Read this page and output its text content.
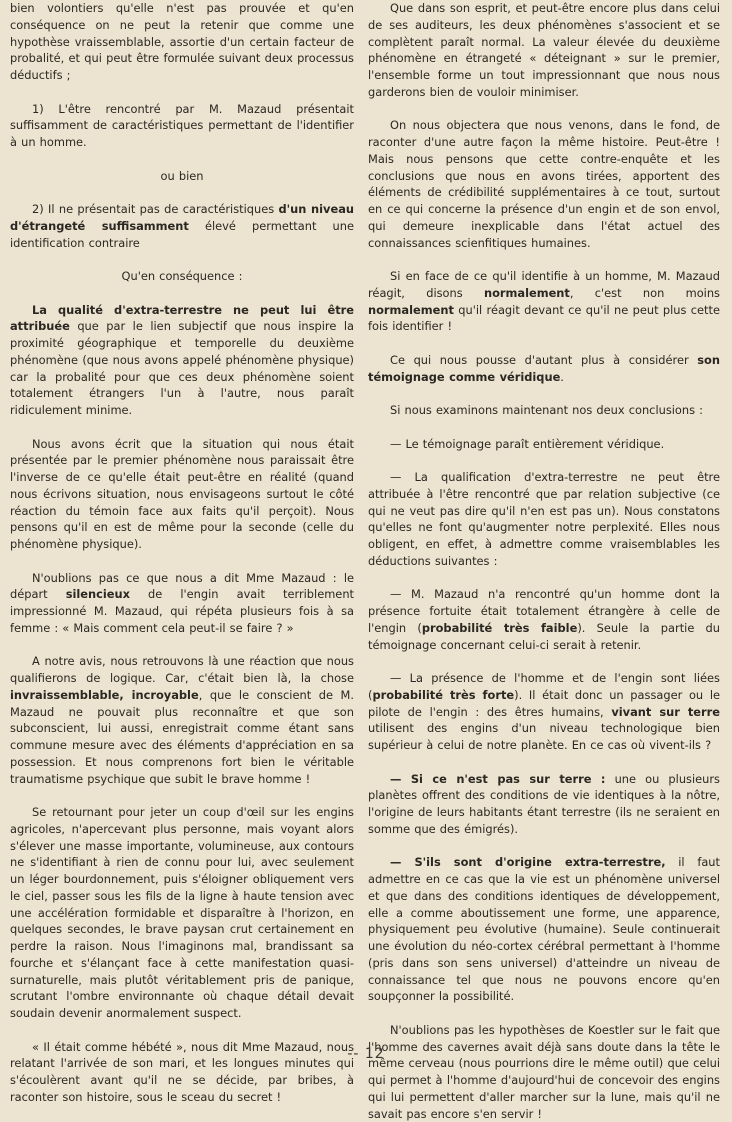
bien volontiers qu'elle n'est pas prouvée et qu'en conséquence on ne peut la retenir que comme une hypothèse vraissemblable, assortie d'un certain facteur de probalité, et qui peut être formulée suivant deux processus déductifs ;

1) L'être rencontré par M. Mazaud présentait suffisamment de caractéristiques permettant de l'identifier à un homme.

ou bien

2) Il ne présentait pas de caractéristiques d'un niveau d'étrangeté suffisamment élevé permettant une identification contraire

Qu'en conséquence :

La qualité d'extra-terrestre ne peut lui être attribuée que par le lien subjectif que nous inspire la proximité géographique et temporelle du deuxième phénomène (que nous avons appelé phénomène physique) car la probalité pour que ces deux phénomène soient totalement étrangers l'un à l'autre, nous paraît ridiculement minime.

Nous avons écrit que la situation qui nous était présentée par le premier phénomène nous paraissait être l'inverse de ce qu'elle était peut-être en réalité (quand nous écrivons situation, nous envisageons surtout le côté réaction du témoin face aux faits qu'il perçoit). Nous pensons qu'il en est de même pour la seconde (celle du phénomène physique).

N'oublions pas ce que nous a dit Mme Mazaud : le départ silencieux de l'engin avait terriblement impressionné M. Mazaud, qui répéta plusieurs fois à sa femme : « Mais comment cela peut-il se faire ? »

A notre avis, nous retrouvons là une réaction que nous qualifierons de logique. Car, c'était bien là, la chose invraissemblable, incroyable, que le conscient de M. Mazaud ne pouvait plus reconnaître et que son subconscient, lui aussi, enregistrait comme étant sans commune mesure avec des éléments d'appréciation en sa possession. Et nous comprenons fort bien le véritable traumatisme psychique que subit le brave homme !

Se retournant pour jeter un coup d'œil sur les engins agricoles, n'apercevant plus personne, mais voyant alors s'élever une masse importante, volumineuse, aux contours ne s'identifiant à rien de connu pour lui, avec seulement un léger bourdonnement, puis s'éloigner obliquement vers le ciel, passer sous les fils de la ligne à haute tension avec une accélération formidable et disparaître à l'horizon, en quelques secondes, le brave paysan crut certainement en perdre la raison. Nous l'imaginons mal, brandissant sa fourche et s'élançant face à cette manifestation quasi-surnaturelle, mais plutôt véritablement pris de panique, scrutant l'ombre environnante où chaque détail devait soudain devenir anormalement suspect.

« Il était comme hébété », nous dit Mme Mazaud, nous relatant l'arrivée de son mari, et les longues minutes qui s'écoulèrent avant qu'il ne se décide, par bribes, à raconter son histoire, sous le sceau du secret !

Que dans son esprit, et peut-être encore plus dans celui de ses auditeurs, les deux phénomènes s'associent et se complètent paraît normal. La valeur élevée du deuxième phénomène en étrangeté « déteignant » sur le premier, l'ensemble forme un tout impressionnant que nous nous garderons bien de vouloir minimiser.

On nous objectera que nous venons, dans le fond, de raconter d'une autre façon la même histoire. Peut-être ! Mais nous pensons que cette contre-enquête et les conclusions que nous en avons tirées, apportent des éléments de crédibilité supplémentaires à ce tout, surtout en ce qui concerne la présence d'un engin et de son envol, qui demeure inexplicable dans l'état actuel des connaissances scienfitiques humaines.

Si en face de ce qu'il identifie à un homme, M. Mazaud réagit, disons normalement, c'est non moins normalement qu'il réagit devant ce qu'il ne peut plus cette fois identifier !

Ce qui nous pousse d'autant plus à considérer son témoignage comme véridique.

Si nous examinons maintenant nos deux conclusions :

— Le témoignage paraît entièrement véridique.

— La qualification d'extra-terrestre ne peut être attribuée à l'être rencontré que par relation subjective (ce qui ne veut pas dire qu'il n'en est pas un). Nous constatons qu'elles ne font qu'augmenter notre perplexité. Elles nous obligent, en effet, à admettre comme vraisemblables les déductions suivantes :

— M. Mazaud n'a rencontré qu'un homme dont la présence fortuite était totalement étrangère à celle de l'engin (probabilité très faible). Seule la partie du témoignage concernant celui-ci serait à retenir.

— La présence de l'homme et de l'engin sont liées (probabilité très forte). Il était donc un passager ou le pilote de l'engin : des êtres humains, vivant sur terre utilisent des engins d'un niveau technologique bien supérieur à celui de notre planète. En ce cas où vivent-ils ?

— Si ce n'est pas sur terre : une ou plusieurs planètes offrent des conditions de vie identiques à la nôtre, l'origine de leurs habitants étant terrestre (ils ne seraient en somme que des émigrés).

— S'ils sont d'origine extra-terrestre, il faut admettre en ce cas que la vie est un phénomène universel et que dans des conditions identiques de développement, elle a comme aboutissement une forme, une apparence, physiquement peu évolutive (humaine). Seule continuerait une évolution du néo-cortex cérébral permettant à l'homme (pris dans son sens universel) d'atteindre un niveau de connaissance tel que nous ne pouvons encore qu'en soupçonner la possibilité.

N'oublions pas les hypothèses de Koestler sur le fait que l'homme des cavernes avait déjà sans doute dans la tête le même cerveau (nous pourrions dire le même outil) que celui qui permet à l'homme d'aujourd'hui de concevoir des engins qui lui permettent d'aller marcher sur la lune, mais qu'il ne savait pas encore s'en servir !

-- 12
